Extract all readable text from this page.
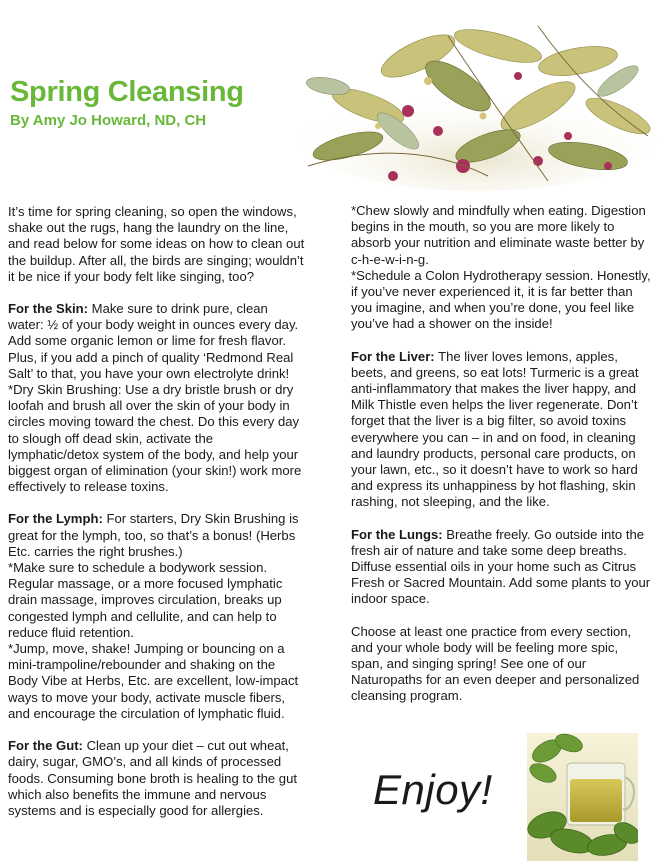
Spring Cleansing
By Amy Jo Howard, ND, CH

It’s time for spring cleaning, so open the windows, shake out the rugs, hang the laundry on the line, and read below for some ideas on how to clean out the buildup. After all, the birds are singing; wouldn’t it be nice if your body felt like singing, too?

For the Skin: Make sure to drink pure, clean water: ½ of your body weight in ounces every day. Add some organic lemon or lime for fresh flavor. Plus, if you add a pinch of quality ‘Redmond Real Salt’ to that, you have your own electrolyte drink!

*Dry Skin Brushing: Use a dry bristle brush or dry loofah and brush all over the skin of your body in circles moving toward the chest. Do this every day to slough off dead skin, activate the lymphatic/detox system of the body, and help your biggest organ of elimination (your skin!) work more effectively to release toxins.

For the Lymph: For starters, Dry Skin Brushing is great for the lymph, too, so that’s a bonus! (Herbs Etc. carries the right brushes.)

*Make sure to schedule a bodywork session. Regular massage, or a more focused lymphatic drain massage, improves circulation, breaks up congested lymph and cellulite, and can help to reduce fluid retention.

*Jump, move, shake! Jumping or bouncing on a mini-trampoline/rebounder and shaking on the Body Vibe at Herbs, Etc. are excellent, low-impact ways to move your body, activate muscle fibers, and encourage the circulation of lymphatic fluid.

For the Gut: Clean up your diet – cut out wheat, dairy, sugar, GMO’s, and all kinds of processed foods. Consuming bone broth is healing to the gut which also benefits the immune and nervous systems and is especially good for allergies.

*Chew slowly and mindfully when eating. Digestion begins in the mouth, so you are more likely to absorb your nutrition and eliminate waste better by c-h-e-w-i-n-g.

*Schedule a Colon Hydrotherapy session. Honestly, if you’ve never experienced it, it is far better than you imagine, and when you’re done, you feel like you’ve had a shower on the inside!

For the Liver: The liver loves lemons, apples, beets, and greens, so eat lots! Turmeric is a great anti-inflammatory that makes the liver happy, and Milk Thistle even helps the liver regenerate. Don’t forget that the liver is a big filter, so avoid toxins everywhere you can – in and on food, in cleaning and laundry products, personal care products, on your lawn, etc., so it doesn’t have to work so hard and express its unhappiness by hot flashing, skin rashing, not sleeping, and the like.

For the Lungs: Breathe freely. Go outside into the fresh air of nature and take some deep breaths. Diffuse essential oils in your home such as Citrus Fresh or Sacred Mountain. Add some plants to your indoor space.

Choose at least one practice from every section, and your whole body will be feeling more spic, span, and singing spring! See one of our Naturopaths for an even deeper and personalized cleansing program.

Enjoy!
